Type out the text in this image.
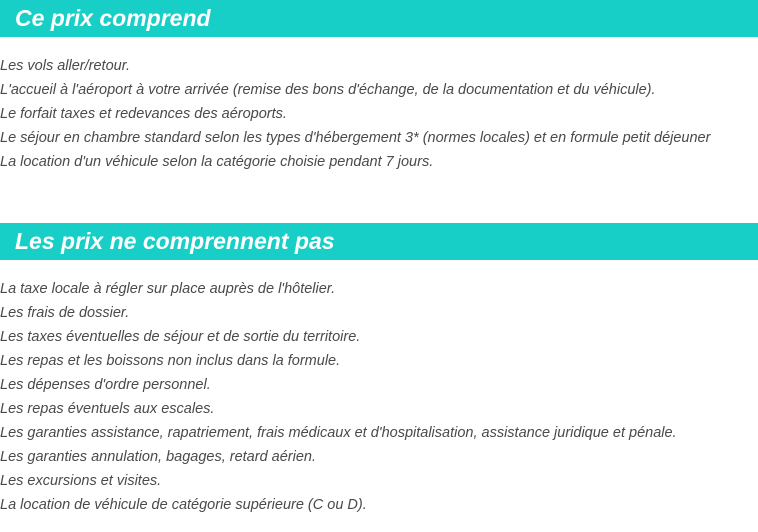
Ce prix comprend
Les vols aller/retour.
L'accueil à l'aéroport à votre arrivée (remise des bons d'échange, de la documentation et du véhicule).
Le forfait taxes et redevances des aéroports.
Le séjour en chambre standard selon les types d'hébergement 3* (normes locales) et en formule petit déjeuner
La location d'un véhicule selon la catégorie choisie pendant 7 jours.
Les prix ne comprennent pas
La taxe locale à régler sur place auprès de l'hôtelier.
Les frais de dossier.
Les taxes éventuelles de séjour et de sortie du territoire.
Les repas et les boissons non inclus dans la formule.
Les dépenses d'ordre personnel.
Les repas éventuels aux escales.
Les garanties assistance, rapatriement, frais médicaux et d'hospitalisation, assistance juridique et pénale.
Les garanties annulation, bagages, retard aérien.
Les excursions et visites.
La location de véhicule de catégorie supérieure (C ou D).
